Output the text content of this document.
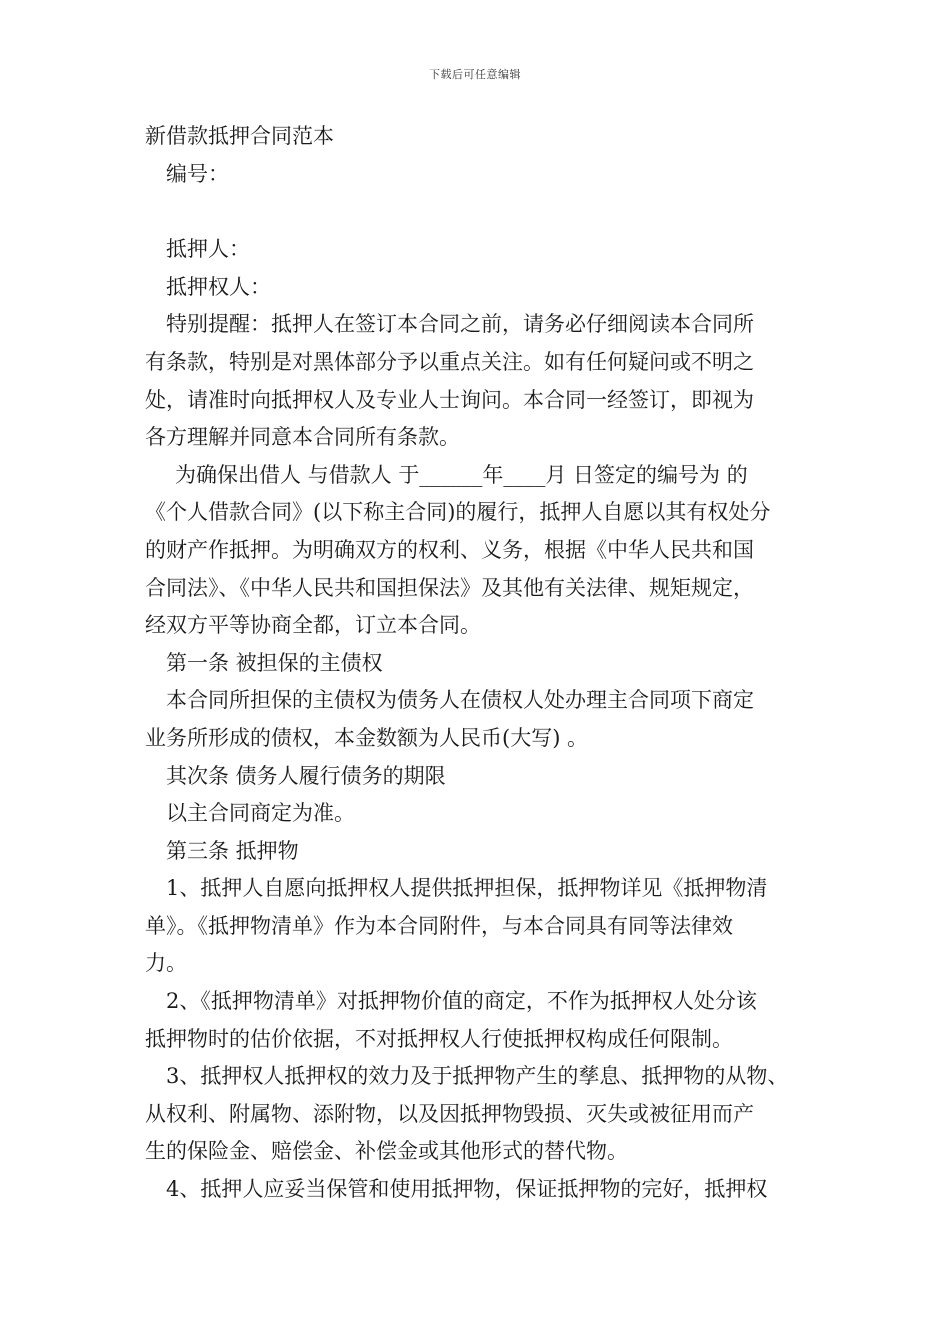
下载后可任意编辑

新借款抵押合同范本

编号：

抵押人：

抵押权人：

特别提醒：抵押人在签订本合同之前，请务必仔细阅读本合同所

有条款，特别是对黑体部分予以重点关注。如有任何疑问或不明之

处，请准时向抵押权人及专业人士询问。本合同一经签订，即视为

各方理解并同意本合同所有条款。

为确保出借人 与借款人 于______年____月 日签定的编号为 的

《个人借款合同》(以下称主合同)的履行，抵押人自愿以其有权处分

的财产作抵押。为明确双方的权利、义务，根据《中华人民共和国

合同法》、《中华人民共和国担保法》及其他有关法律、规矩规定，

经双方平等协商全都，订立本合同。

第一条 被担保的主债权

本合同所担保的主债权为债务人在债权人处办理主合同项下商定

业务所形成的债权，本金数额为人民币(大写) 。

其次条 债务人履行债务的期限

以主合同商定为准。

第三条 抵押物

1、抵押人自愿向抵押权人提供抵押担保，抵押物详见《抵押物清

单》。《抵押物清单》作为本合同附件，与本合同具有同等法律效

力。

2、《抵押物清单》对抵押物价值的商定，不作为抵押权人处分该

抵押物时的估价依据，不对抵押权人行使抵押权构成任何限制。

3、抵押权人抵押权的效力及于抵押物产生的孳息、抵押物的从物、

从权利、附属物、添附物，以及因抵押物毁损、灭失或被征用而产

生的保险金、赔偿金、补偿金或其他形式的替代物。

4、抵押人应妥当保管和使用抵押物，保证抵押物的完好，抵押权
